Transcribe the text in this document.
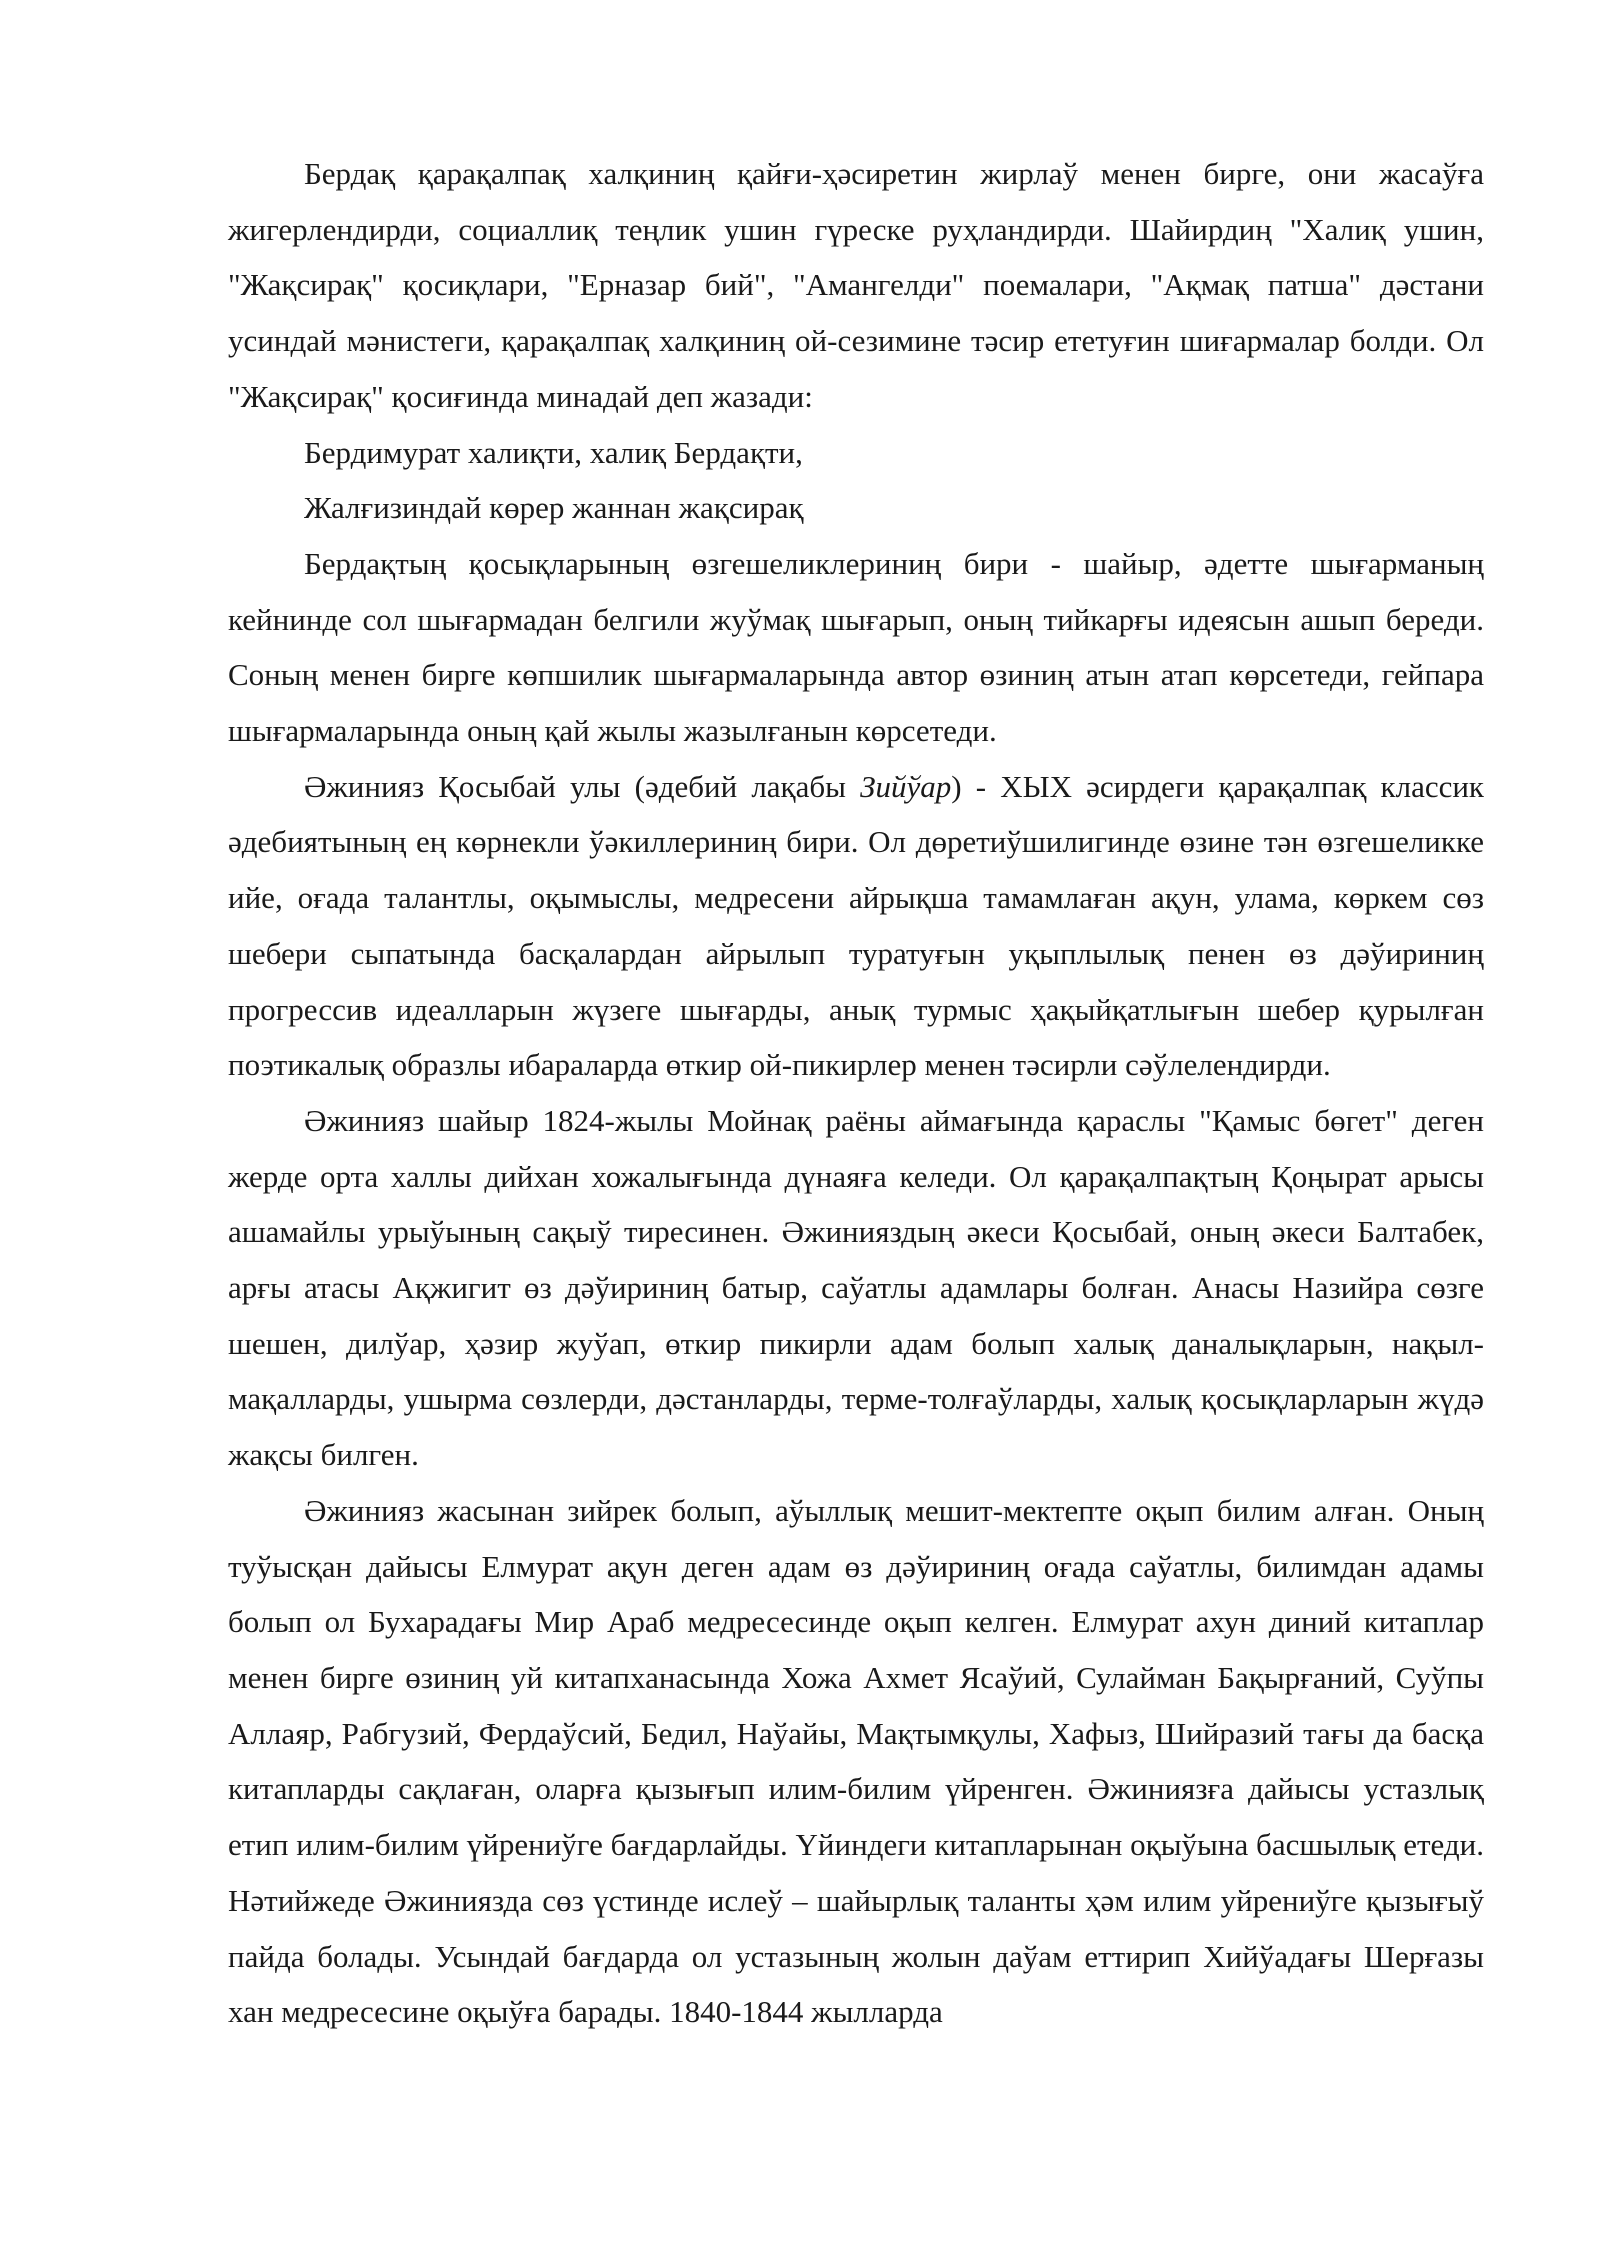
Бердақ қарақалпақ халқиниң қайғи-ҳәсиретин жирлаў менен бирге, они жасаўға жигерлендирди, социаллиқ теңлик ушин гүреске руҳландирди. Шайирдиң "Халиқ ушин, "Жақсирақ" қосиқлари, "Ерназар бий", "Амангелди" поемалари, "Ақмақ патша" дәстани усиндай мәнистеги, қарақалпақ халқиниң ой-сезимине тәсир ететуғин шиғармалар болди. Ол "Жақсирақ" қосиғинда минадай деп жазади:

Бердимурат халиқти, халиқ Бердақти,

Жалғизиндай көрер жаннан жақсирақ

Бердақтың қосықларының өзгешеликлериниң бири - шайыр, әдетте шығарманың кейнинде сол шығармадан белгили жуўмақ шығарып, оның тийкарғы идеясын ашып береди. Соның менен бирге көпшилик шығармаларында автор өзиниң атын атап көрсетеди, гейпара шығармаларында оның қай жылы жазылғанын көрсетеди.

Әжинияз Қосыбай улы (әдебий лақабы Зийўар) - ХЫХ әсирдеги қарақалпақ классик әдебиятының ең көрнекли ўәкиллериниң бири. Ол дөретиўшилигинде өзине тән өзгешеликке ийе, оғада талантлы, оқымыслы, медресени айрықша тамамлаған ақун, улама, көркем сөз шебери сыпатында басқалардан айрылып туратуғын уқыплылық пенен өз дәўириниң прогрессив идеалларын жүзеге шығарды, анық турмыс ҳақыйқатлығын шебер қурылған поэтикалық образлы ибараларда өткир ой-пикирлер менен тәсирли сәўлелендирди.

Әжинияз шайыр 1824-жылы Мойнақ раёны аймағында қараслы "Қамыс бөгет" деген жерде орта халлы дийхан хожалығында дүнаяға келеди. Ол қарақалпақтың Қоңырат арысы ашамайлы урыўының сақыў тиресинен. Әжинияздың әкеси Қосыбай, оның әкеси Балтабек, арғы атасы Ақжигит өз дәўириниң батыр, саўатлы адамлары болған. Анасы Назийра сөзге шешен, дилўар, ҳәзир жуўап, өткир пикирли адам болып халық даналықларын, нақыл-мақалларды, ушырма сөзлерди, дәстанларды, терме-толғаўларды, халық қосықларларын жүдә жақсы билген.

Әжинияз жасынан зийрек болып, аўыллық мешит-мектепте оқып билим алған. Оның туўысқан дайысы Елмурат ақун деген адам өз дәўириниң оғада саўатлы, билимдан адамы болып ол Бухарадағы Мир Араб медресесинде оқып келген. Елмурат ахун диний китаплар менен бирге өзиниң уй китапханасында Хожа Ахмет Ясаўий, Сулайман Бақырғаний, Суўпы Аллаяр, Рабгузий, Фердаўсий, Бедил, Наўайы, Мақтымқулы, Хафыз, Шийразий тағы да басқа китапларды сақлаған, оларға қызығып илим-билим үйренген. Әжиниязға дайысы устазлық етип илим-билим үйрениўге бағдарлайды. Үйиндеги китапларынан оқыўына басшылық етеди. Нәтийжеде Әжиниязда сөз үстинде ислеў – шайырлық таланты ҳәм илим уйрениўге қызығыў пайда болады. Усындай бағдарда ол устазының жолын даўам еттирип Хийўадағы Шерғазы хан медресесине оқыўға барады. 1840-1844 жылларда
